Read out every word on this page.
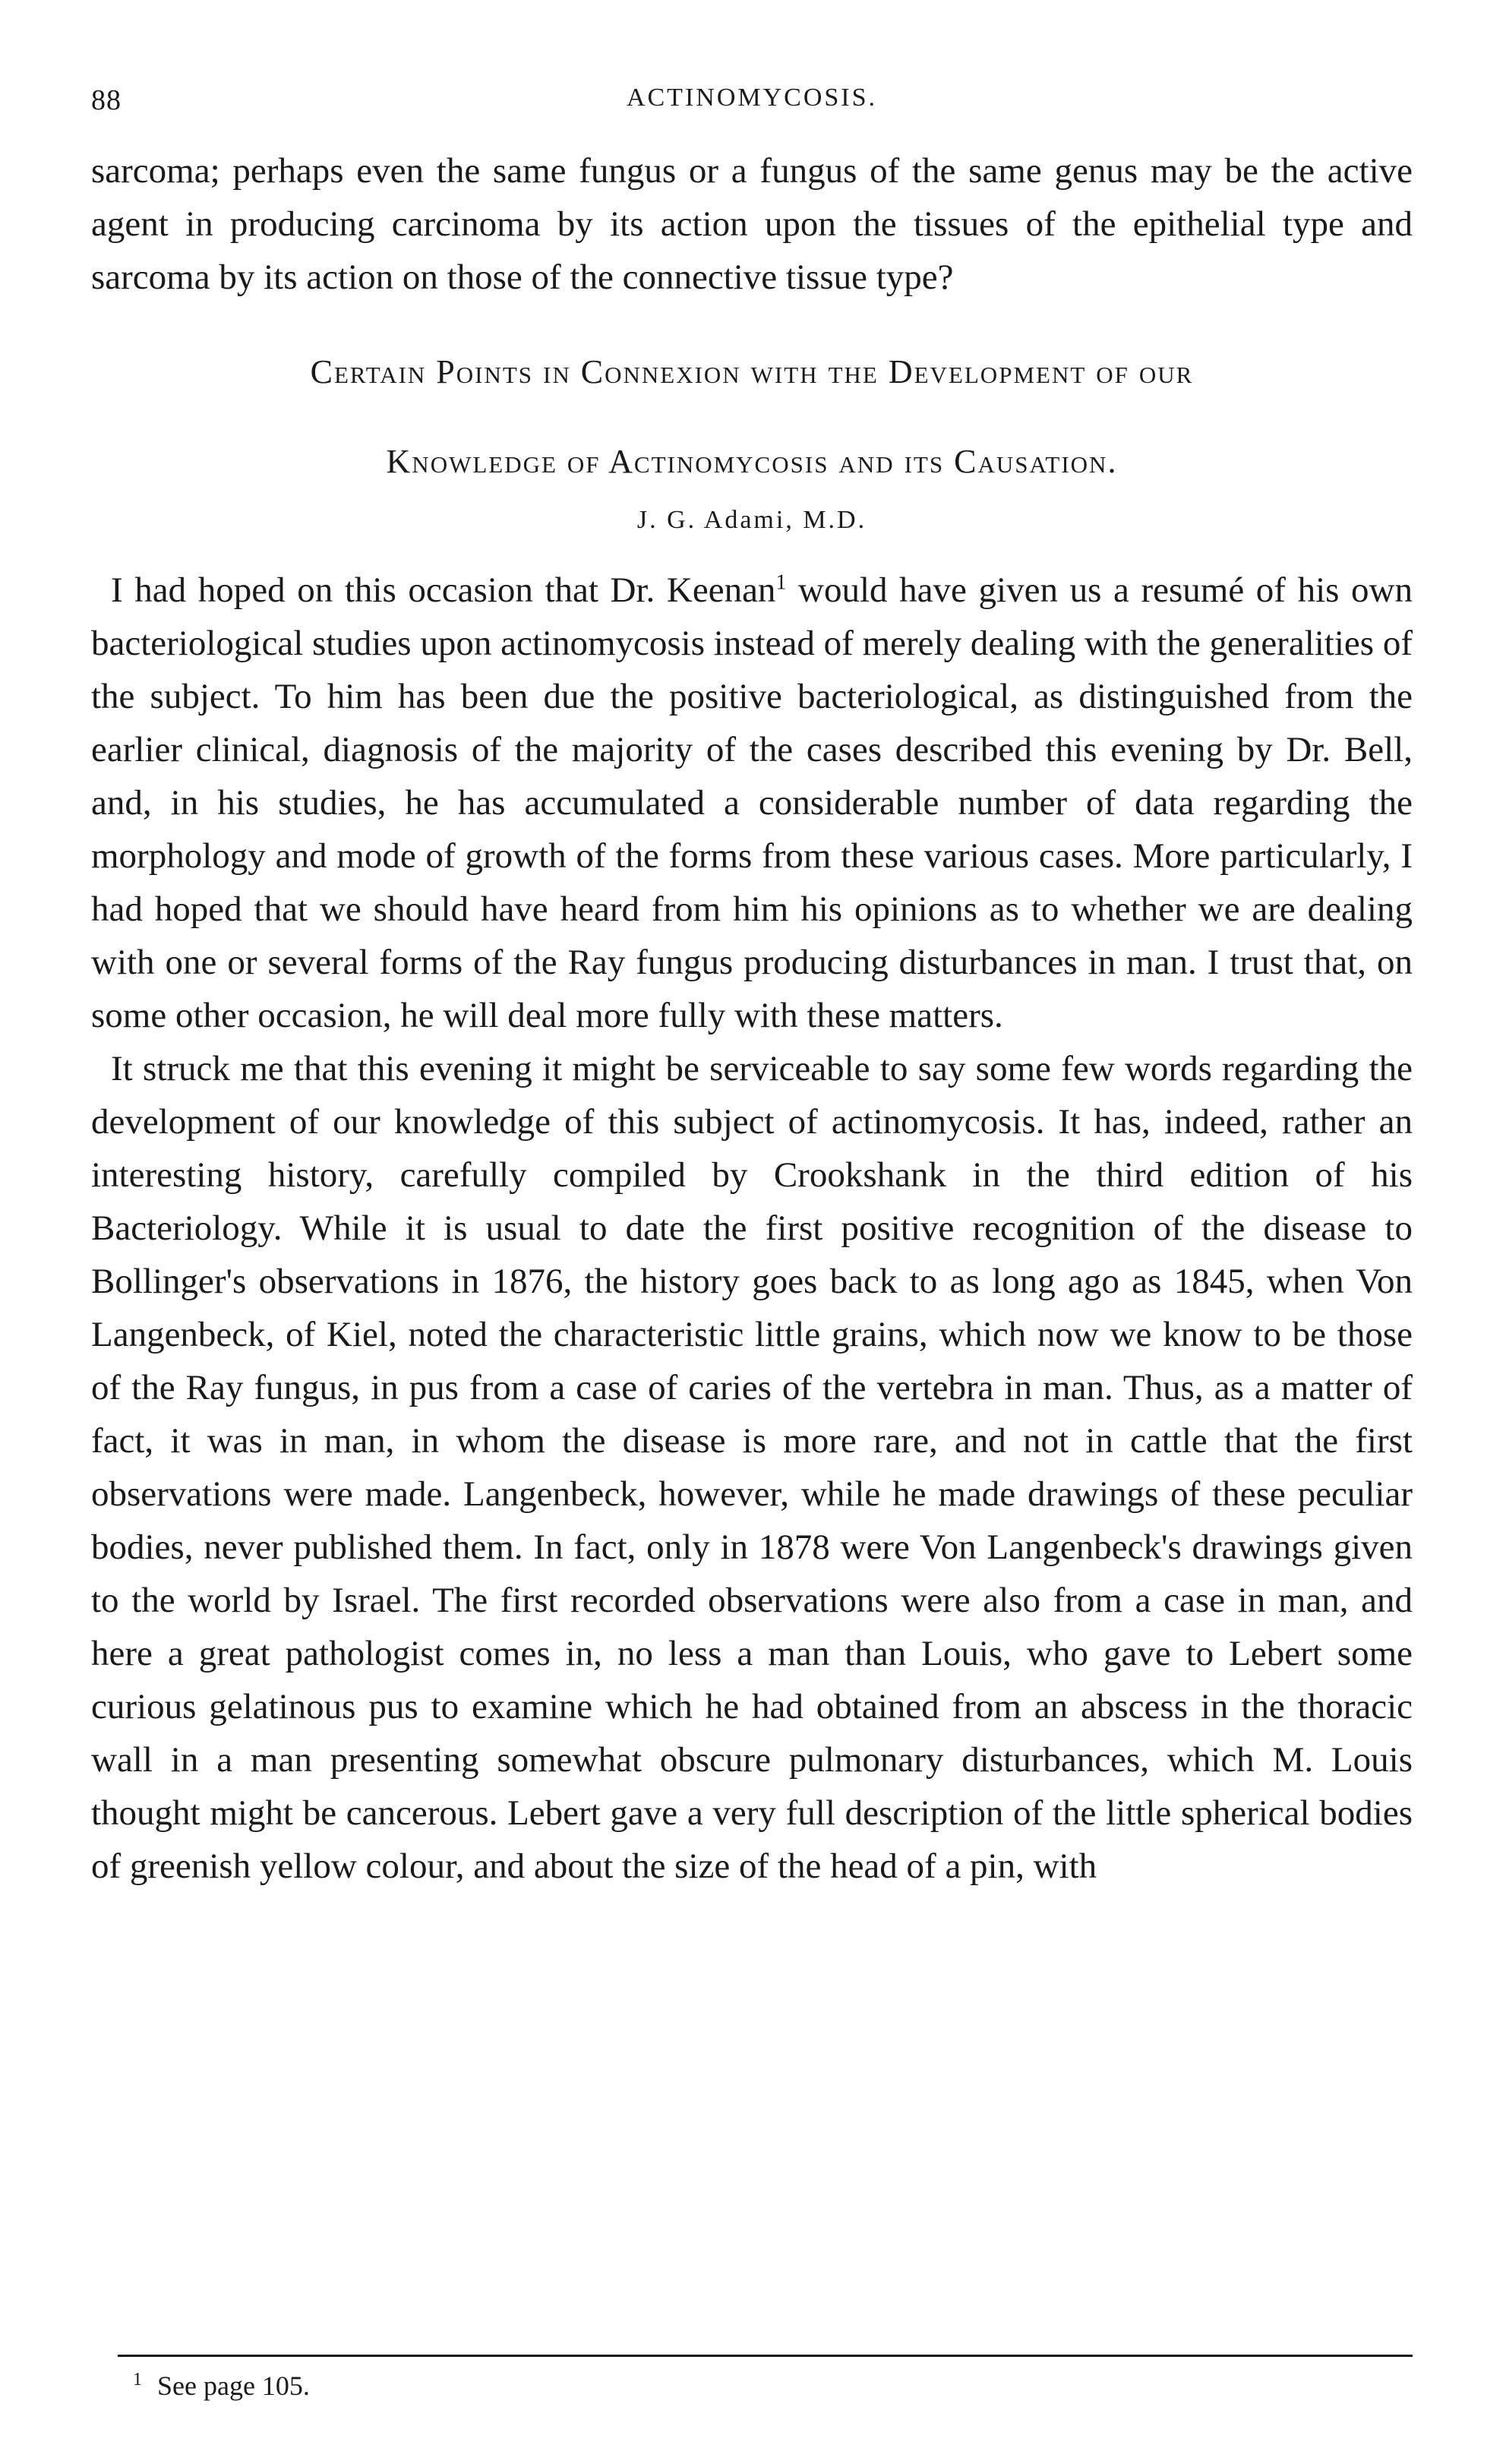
88	ACTINOMYCOSIS.

sarcoma; perhaps even the same fungus or a fungus of the same genus may be the active agent in producing carcinoma by its action upon the tissues of the epithelial type and sarcoma by its action on those of the connective tissue type?

Certain Points in Connexion with the Development of our

Knowledge of Actinomycosis and its Causation.

J. G. Adami, M.D.

I had hoped on this occasion that Dr. Keenan$^1$ would have given us a resumé of his own bacteriological studies upon actinomycosis instead of merely dealing with the generalities of the subject. To him has been due the positive bacteriological, as distinguished from the earlier clinical, diagnosis of the majority of the cases described this evening by Dr. Bell, and, in his studies, he has accumulated a considerable number of data regarding the morphology and mode of growth of the forms from these various cases. More particularly, I had hoped that we should have heard from him his opinions as to whether we are dealing with one or several forms of the Ray fungus producing disturbances in man. I trust that, on some other occasion, he will deal more fully with these matters.

It struck me that this evening it might be serviceable to say some few words regarding the development of our knowledge of this subject of actinomycosis. It has, indeed, rather an interesting history, carefully compiled by Crookshank in the third edition of his Bacteriology. While it is usual to date the first positive recognition of the disease to Bollinger's observations in 1876, the history goes back to as long ago as 1845, when Von Langenbeck, of Kiel, noted the characteristic little grains, which now we know to be those of the Ray fungus, in pus from a case of caries of the vertebra in man. Thus, as a matter of fact, it was in man, in whom the disease is more rare, and not in cattle that the first observations were made. Langenbeck, however, while he made drawings of these peculiar bodies, never published them. In fact, only in 1878 were Von Langenbeck's drawings given to the world by Israel. The first recorded observations were also from a case in man, and here a great pathologist comes in, no less a man than Louis, who gave to Lebert some curious gelatinous pus to examine which he had obtained from an abscess in the thoracic wall in a man presenting somewhat obscure pulmonary disturbances, which M. Louis thought might be cancerous. Lebert gave a very full description of the little spherical bodies of greenish yellow colour, and about the size of the head of a pin, with

$^1$ See page 105.
